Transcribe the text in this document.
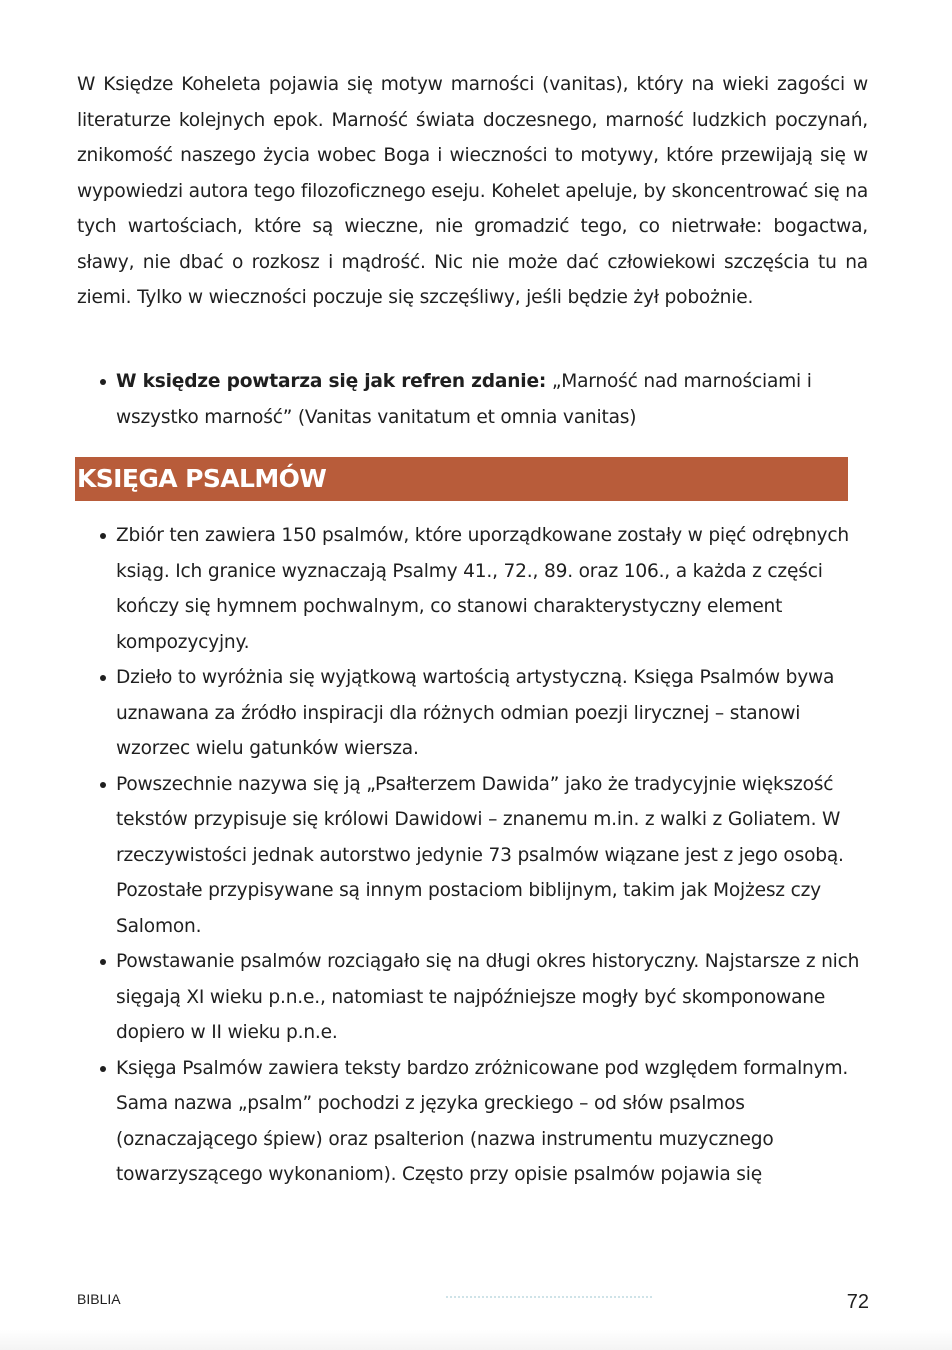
W Księdze Koheleta pojawia się motyw marności (vanitas), który na wieki zagości w literaturze kolejnych epok. Marność świata doczesnego, marność ludzkich poczynań, znikomość naszego życia wobec Boga i wieczności to motywy, które przewijają się w wypowiedzi autora tego filozoficznego eseju. Kohelet apeluje, by skoncentrować się na tych wartościach, które są wieczne, nie gromadzić tego, co nietrwałe: bogactwa, sławy, nie dbać o rozkosz i mądrość. Nic nie może dać człowiekowi szczęścia tu na ziemi. Tylko w wieczności poczuje się szczęśliwy, jeśli będzie żył pobożnie.

W księdze powtarza się jak refren zdanie: „Marność nad marnościami i wszystko marność” (Vanitas vanitatum et omnia vanitas)
KSIĘGA PSALMÓW
Zbiór ten zawiera 150 psalmów, które uporządkowane zostały w pięć odrębnych ksiąg. Ich granice wyznaczają Psalmy 41., 72., 89. oraz 106., a każda z części kończy się hymnem pochwalnym, co stanowi charakterystyczny element kompozycyjny.
Dzieło to wyróżnia się wyjątkową wartością artystyczną. Księga Psalmów bywa uznawana za źródło inspiracji dla różnych odmian poezji lirycznej – stanowi wzorzec wielu gatunków wiersza.
Powszechnie nazywa się ją „Psałterzem Dawida” jako że tradycyjnie większość tekstów przypisuje się królowi Dawidowi – znanemu m.in. z walki z Goliatem. W rzeczywistości jednak autorstwo jedynie 73 psalmów wiązane jest z jego osobą. Pozostałe przypisywane są innym postaciom biblijnym, takim jak Mojżesz czy Salomon.
Powstawanie psalmów rozciągało się na długi okres historyczny. Najstarsze z nich sięgają XI wieku p.n.e., natomiast te najpóźniejsze mogły być skomponowane dopiero w II wieku p.n.e.
Księga Psalmów zawiera teksty bardzo zróżnicowane pod względem formalnym. Sama nazwa „psalm” pochodzi z języka greckiego – od słów psalmos (oznaczającego śpiew) oraz psalterion (nazwa instrumentu muzycznego towarzyszącego wykonaniom). Często przy opisie psalmów pojawia się
BIBLIA	72
